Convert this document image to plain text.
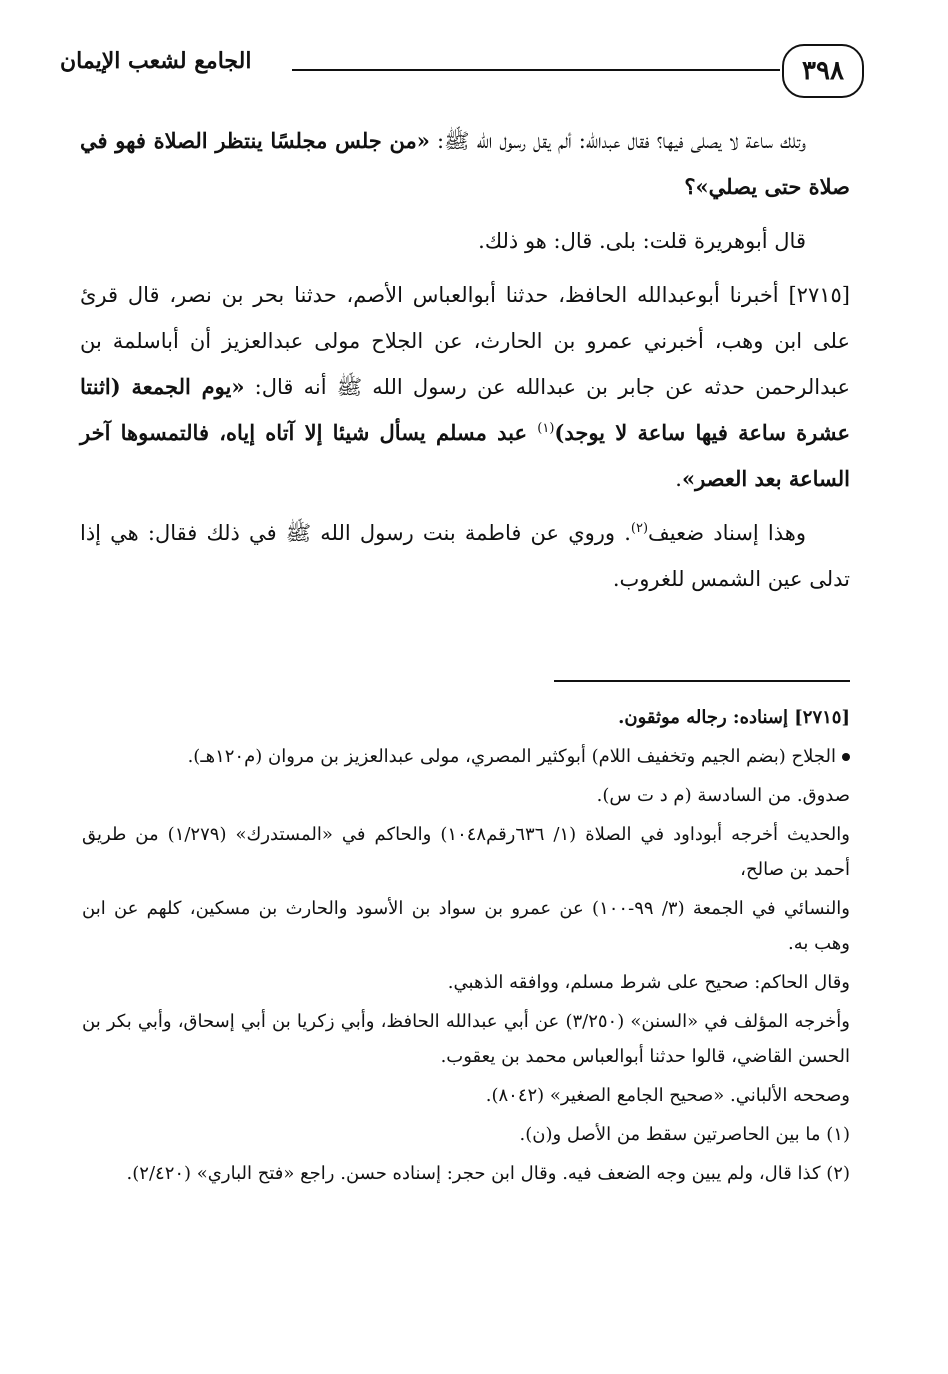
٣٩٨
الجامع لشعب الإيمان

وتلك ساعة لا يصلى فيها؟ فقال عبدالله: ألم يقل رسول الله ﷺ: «من جلس مجلسًا ينتظر الصلاة فهو في صلاة حتى يصلي»؟

قال أبوهريرة قلت: بلى. قال: هو ذلك.

[٢٧١٥] أخبرنا أبوعبدالله الحافظ، حدثنا أبوالعباس الأصم، حدثنا بحر بن نصر، قال قرئ على ابن وهب، أخبرني عمرو بن الحارث، عن الجلاح مولى عبدالعزيز أن أباسلمة بن عبدالرحمن حدثه عن جابر بن عبدالله عن رسول الله ﷺ أنه قال: «يوم الجمعة (اثنتا عشرة ساعة فيها ساعة لا يوجد)$^{(١)}$ عبد مسلم يسأل شيئا إلا آتاه إياه، فالتمسوها آخر الساعة بعد العصر».

وهذا إسناد ضعيف$^{(٢)}$. وروي عن فاطمة بنت رسول الله ﷺ في ذلك فقال: هي إذا تدلى عين الشمس للغروب.

[٢٧١٥] إسناده: رجاله موثقون.

الجلاح (بضم الجيم وتخفيف اللام) أبوكثير المصري، مولى عبدالعزيز بن مروان (م١٢٠هـ).

صدوق. من السادسة (م د ت س).

والحديث أخرجه أبوداود في الصلاة (١/ ٦٣٦رقم١٠٤٨) والحاكم في «المستدرك» (١/٢٧٩) من طريق أحمد بن صالح،

والنسائي في الجمعة (٣/ ٩٩-١٠٠) عن عمرو بن سواد بن الأسود والحارث بن مسكين، كلهم عن ابن وهب به.

وقال الحاكم: صحيح على شرط مسلم، ووافقه الذهبي.

وأخرجه المؤلف في «السنن» (٣/٢٥٠) عن أبي عبدالله الحافظ، وأبي زكريا بن أبي إسحاق، وأبي بكر بن الحسن القاضي، قالوا حدثنا أبوالعباس محمد بن يعقوب.

وصححه الألباني. «صحيح الجامع الصغير» (٨٠٤٢).

(١) ما بين الحاصرتين سقط من الأصل و(ن).

(٢) كذا قال، ولم يبين وجه الضعف فيه. وقال ابن حجر: إسناده حسن. راجع «فتح الباري» (٢/٤٢٠).
